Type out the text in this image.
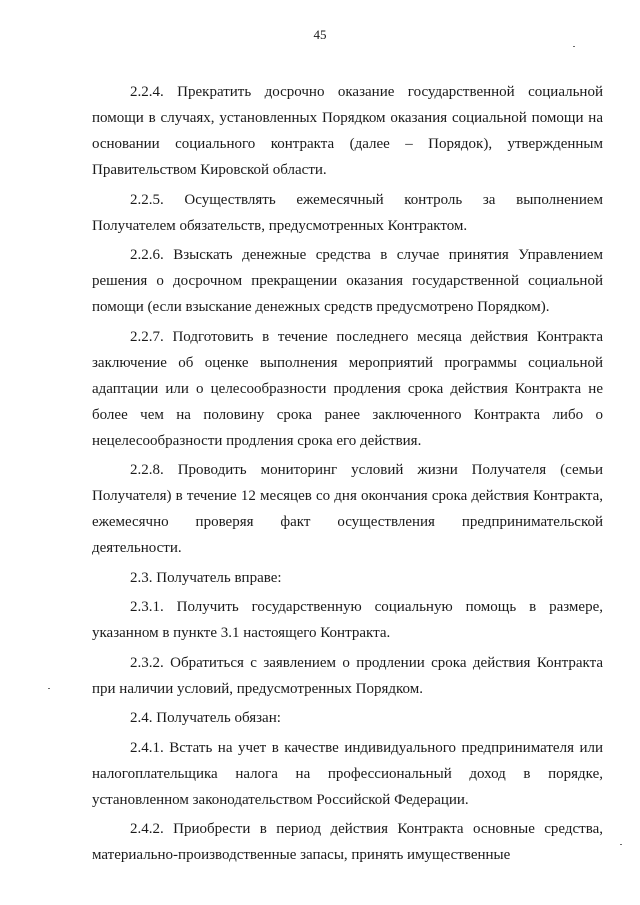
45

2.2.4. Прекратить досрочно оказание государственной социальной помощи в случаях, установленных Порядком оказания социальной помощи на основании социального контракта (далее – Порядок), утвержденным Правительством Кировской области.

2.2.5. Осуществлять ежемесячный контроль за выполнением Получателем обязательств, предусмотренных Контрактом.

2.2.6. Взыскать денежные средства в случае принятия Управлением решения о досрочном прекращении оказания государственной социальной помощи (если взыскание денежных средств предусмотрено Порядком).

2.2.7. Подготовить в течение последнего месяца действия Контракта заключение об оценке выполнения мероприятий программы социальной адаптации или о целесообразности продления срока действия Контракта не более чем на половину срока ранее заключенного Контракта либо о нецелесообразности продления срока его действия.

2.2.8. Проводить мониторинг условий жизни Получателя (семьи Получателя) в течение 12 месяцев со дня окончания срока действия Контракта, ежемесячно проверяя факт осуществления предпринимательской деятельности.

2.3. Получатель вправе:

2.3.1. Получить государственную социальную помощь в размере, указанном в пункте 3.1 настоящего Контракта.

2.3.2. Обратиться с заявлением о продлении срока действия Контракта при наличии условий, предусмотренных Порядком.

2.4. Получатель обязан:

2.4.1. Встать на учет в качестве индивидуального предпринимателя или налогоплательщика налога на профессиональный доход в порядке, установленном законодательством Российской Федерации.

2.4.2. Приобрести в период действия Контракта основные средства, материально-производственные запасы, принять имущественные
